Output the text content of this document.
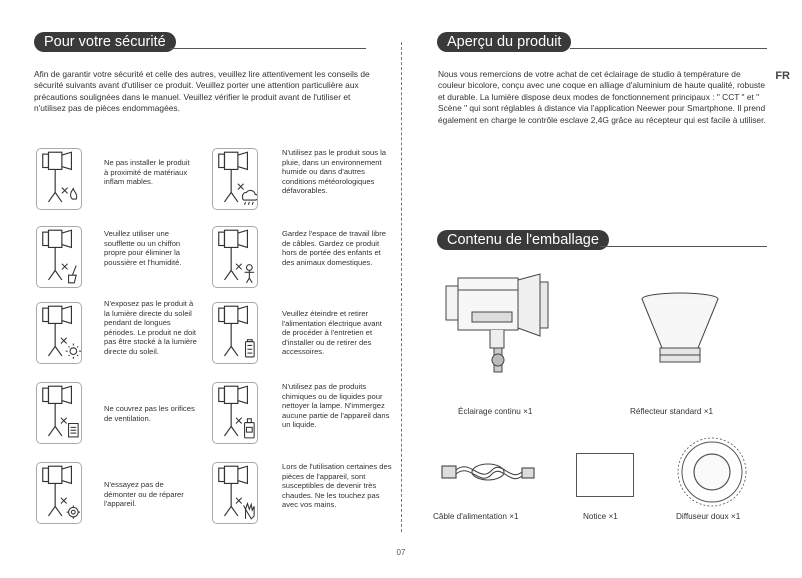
Pour votre sécurité
Afin de garantir votre sécurité et celle des autres, veuillez lire attentivement les conseils de sécurité suivants avant d'utiliser ce produit. Veuillez porter une attention particulière aux précautions soulignées dans le manuel. Veuillez vérifier le produit avant de l'utiliser et n'utilisez pas de pièces endommagées.
Ne pas installer le produit à proximité de matériaux inflam mables.
N'utilisez pas le produit sous la pluie, dans un environnement humide ou dans d'autres conditions météorologiques défavorables.
Veuillez utiliser une soufflette ou un chiffon propre pour éliminer la poussière et l'humidité.
Gardez l'espace de travail libre de câbles. Gardez ce produit hors de portée des enfants et des animaux domestiques.
N'exposez pas le produit à la lumière directe du soleil pendant de longues périodes. Le produit ne doit pas être stocké à la lumière directe du soleil.
Veuillez éteindre et retirer l'alimentation électrique avant de procéder à l'entretien et d'installer ou de retirer des accessoires.
Ne couvrez pas les orifices de ventilation.
N'utilisez pas de produits chimiques ou de liquides pour nettoyer la lampe. N'immergez aucune partie de l'appareil dans un liquide.
N'essayez pas de démonter ou de réparer l'appareil.
Lors de l'utilisation certaines des pièces de l'appareil, sont susceptibles de devenir très chaudes. Ne les touchez pas avec vos mains.
Aperçu du produit
FR
Nous vous remercions de votre achat de cet éclairage de studio à température de couleur bicolore, conçu avec une coque en alliage d'aluminium de haute qualité, robuste et durable. La lumière dispose deux modes de fonctionnement principaux : " CCT " et " Scène " qui sont réglables à distance via l'application Neewer pour Smartphone. Il prend également en charge le contrôle esclave 2,4G grâce au récepteur qui est facile à utiliser.
Contenu de l'emballage
Éclairage continu ×1	Réflecteur standard ×1
Câble d'alimentation ×1	Notice ×1	Diffuseur doux ×1
07
